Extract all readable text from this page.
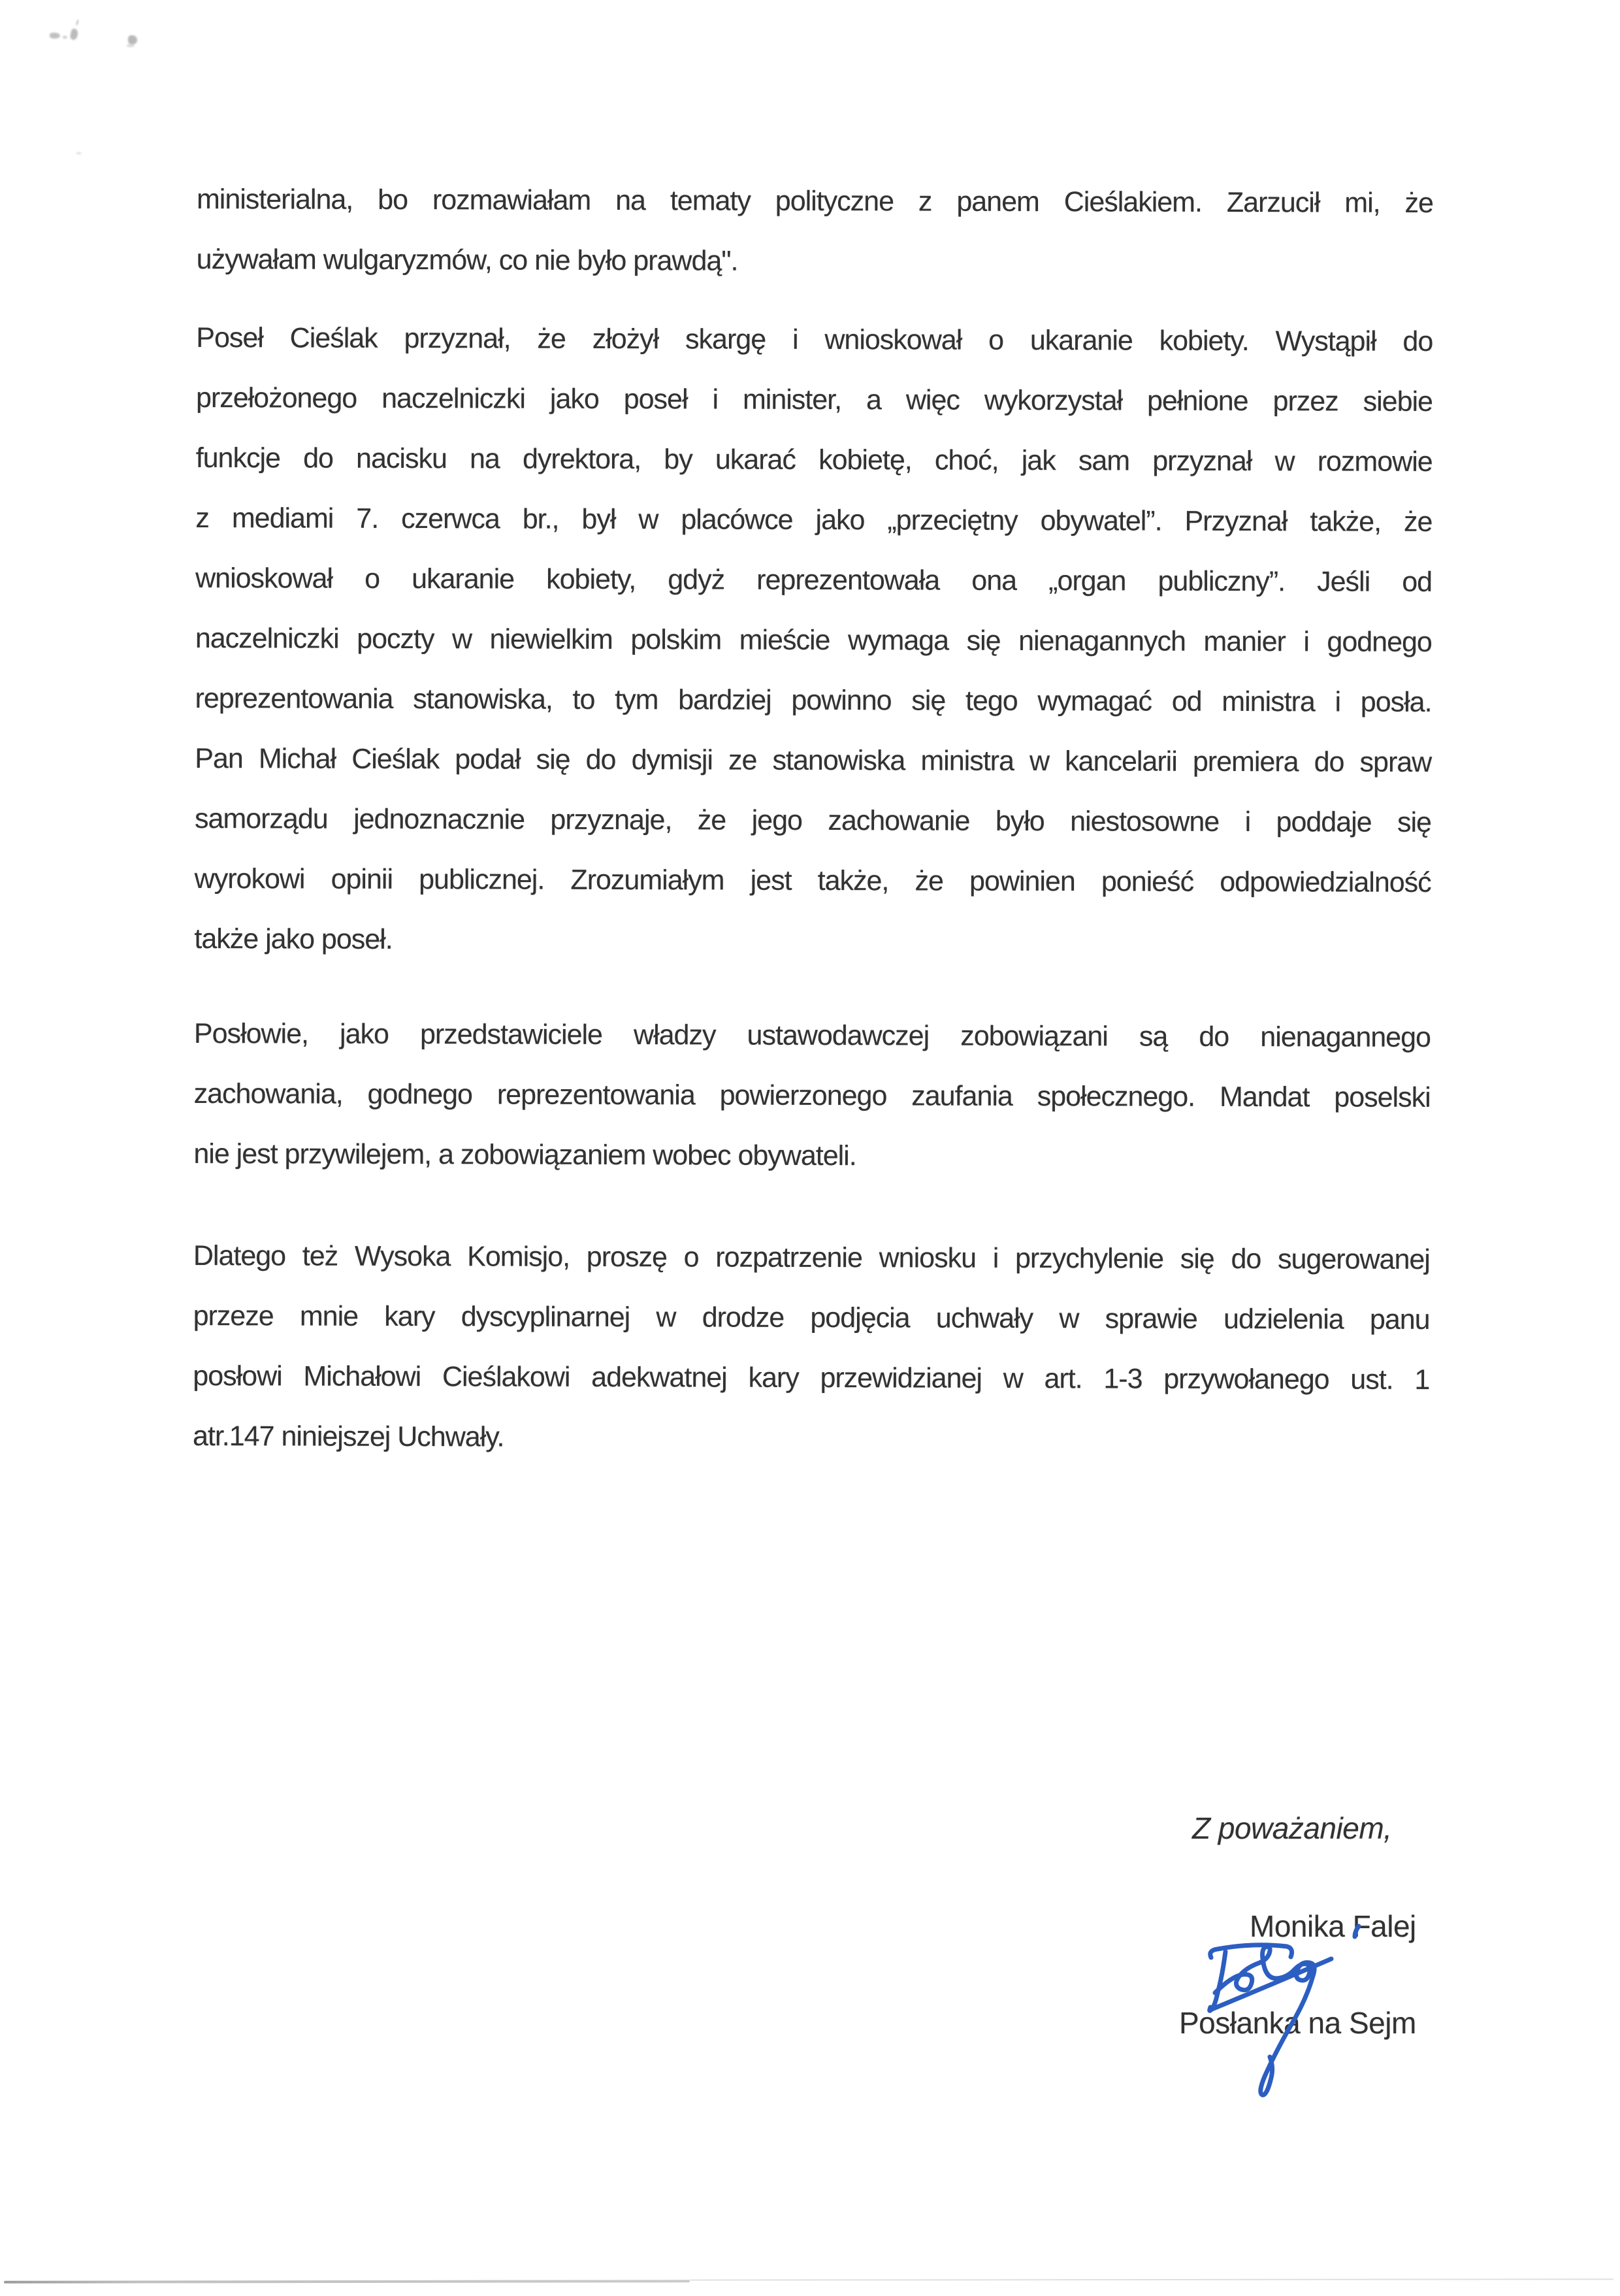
ministerialna, bo rozmawiałam na tematy polityczne z panem Cieślakiem. Zarzucił mi, że
używałam wulgaryzmów, co nie było prawdą".
Poseł Cieślak przyznał, że złożył skargę i wnioskował o ukaranie kobiety. Wystąpił do
przełożonego naczelniczki jako poseł i minister, a więc wykorzystał pełnione przez siebie
funkcje do nacisku na dyrektora, by ukarać kobietę, choć, jak sam przyznał w rozmowie
z mediami 7. czerwca br., był w placówce jako „przeciętny obywatel”. Przyznał także, że
wnioskował o ukaranie kobiety, gdyż reprezentowała ona „organ publiczny”. Jeśli od
naczelniczki poczty w niewielkim polskim mieście wymaga się nienagannych manier i godnego
reprezentowania stanowiska, to tym bardziej powinno się tego wymagać od ministra i posła.
Pan Michał Cieślak podał się do dymisji ze stanowiska ministra w kancelarii premiera do spraw
samorządu jednoznacznie przyznaje, że jego zachowanie było niestosowne i poddaje się
wyrokowi opinii publicznej. Zrozumiałym jest także, że powinien ponieść odpowiedzialność
także jako poseł.
Posłowie, jako przedstawiciele władzy ustawodawczej zobowiązani są do nienagannego
zachowania, godnego reprezentowania powierzonego zaufania społecznego. Mandat poselski
nie jest przywilejem, a zobowiązaniem wobec obywateli.
Dlatego też Wysoka Komisjo, proszę o rozpatrzenie wniosku i przychylenie się do sugerowanej
przeze mnie kary dyscyplinarnej w drodze podjęcia uchwały w sprawie udzielenia panu
posłowi Michałowi Cieślakowi adekwatnej kary przewidzianej w art. 1-3 przywołanego ust. 1
atr.147 niniejszej Uchwały.
Z poważaniem,
Monika Falej
Posłanka na Sejm
